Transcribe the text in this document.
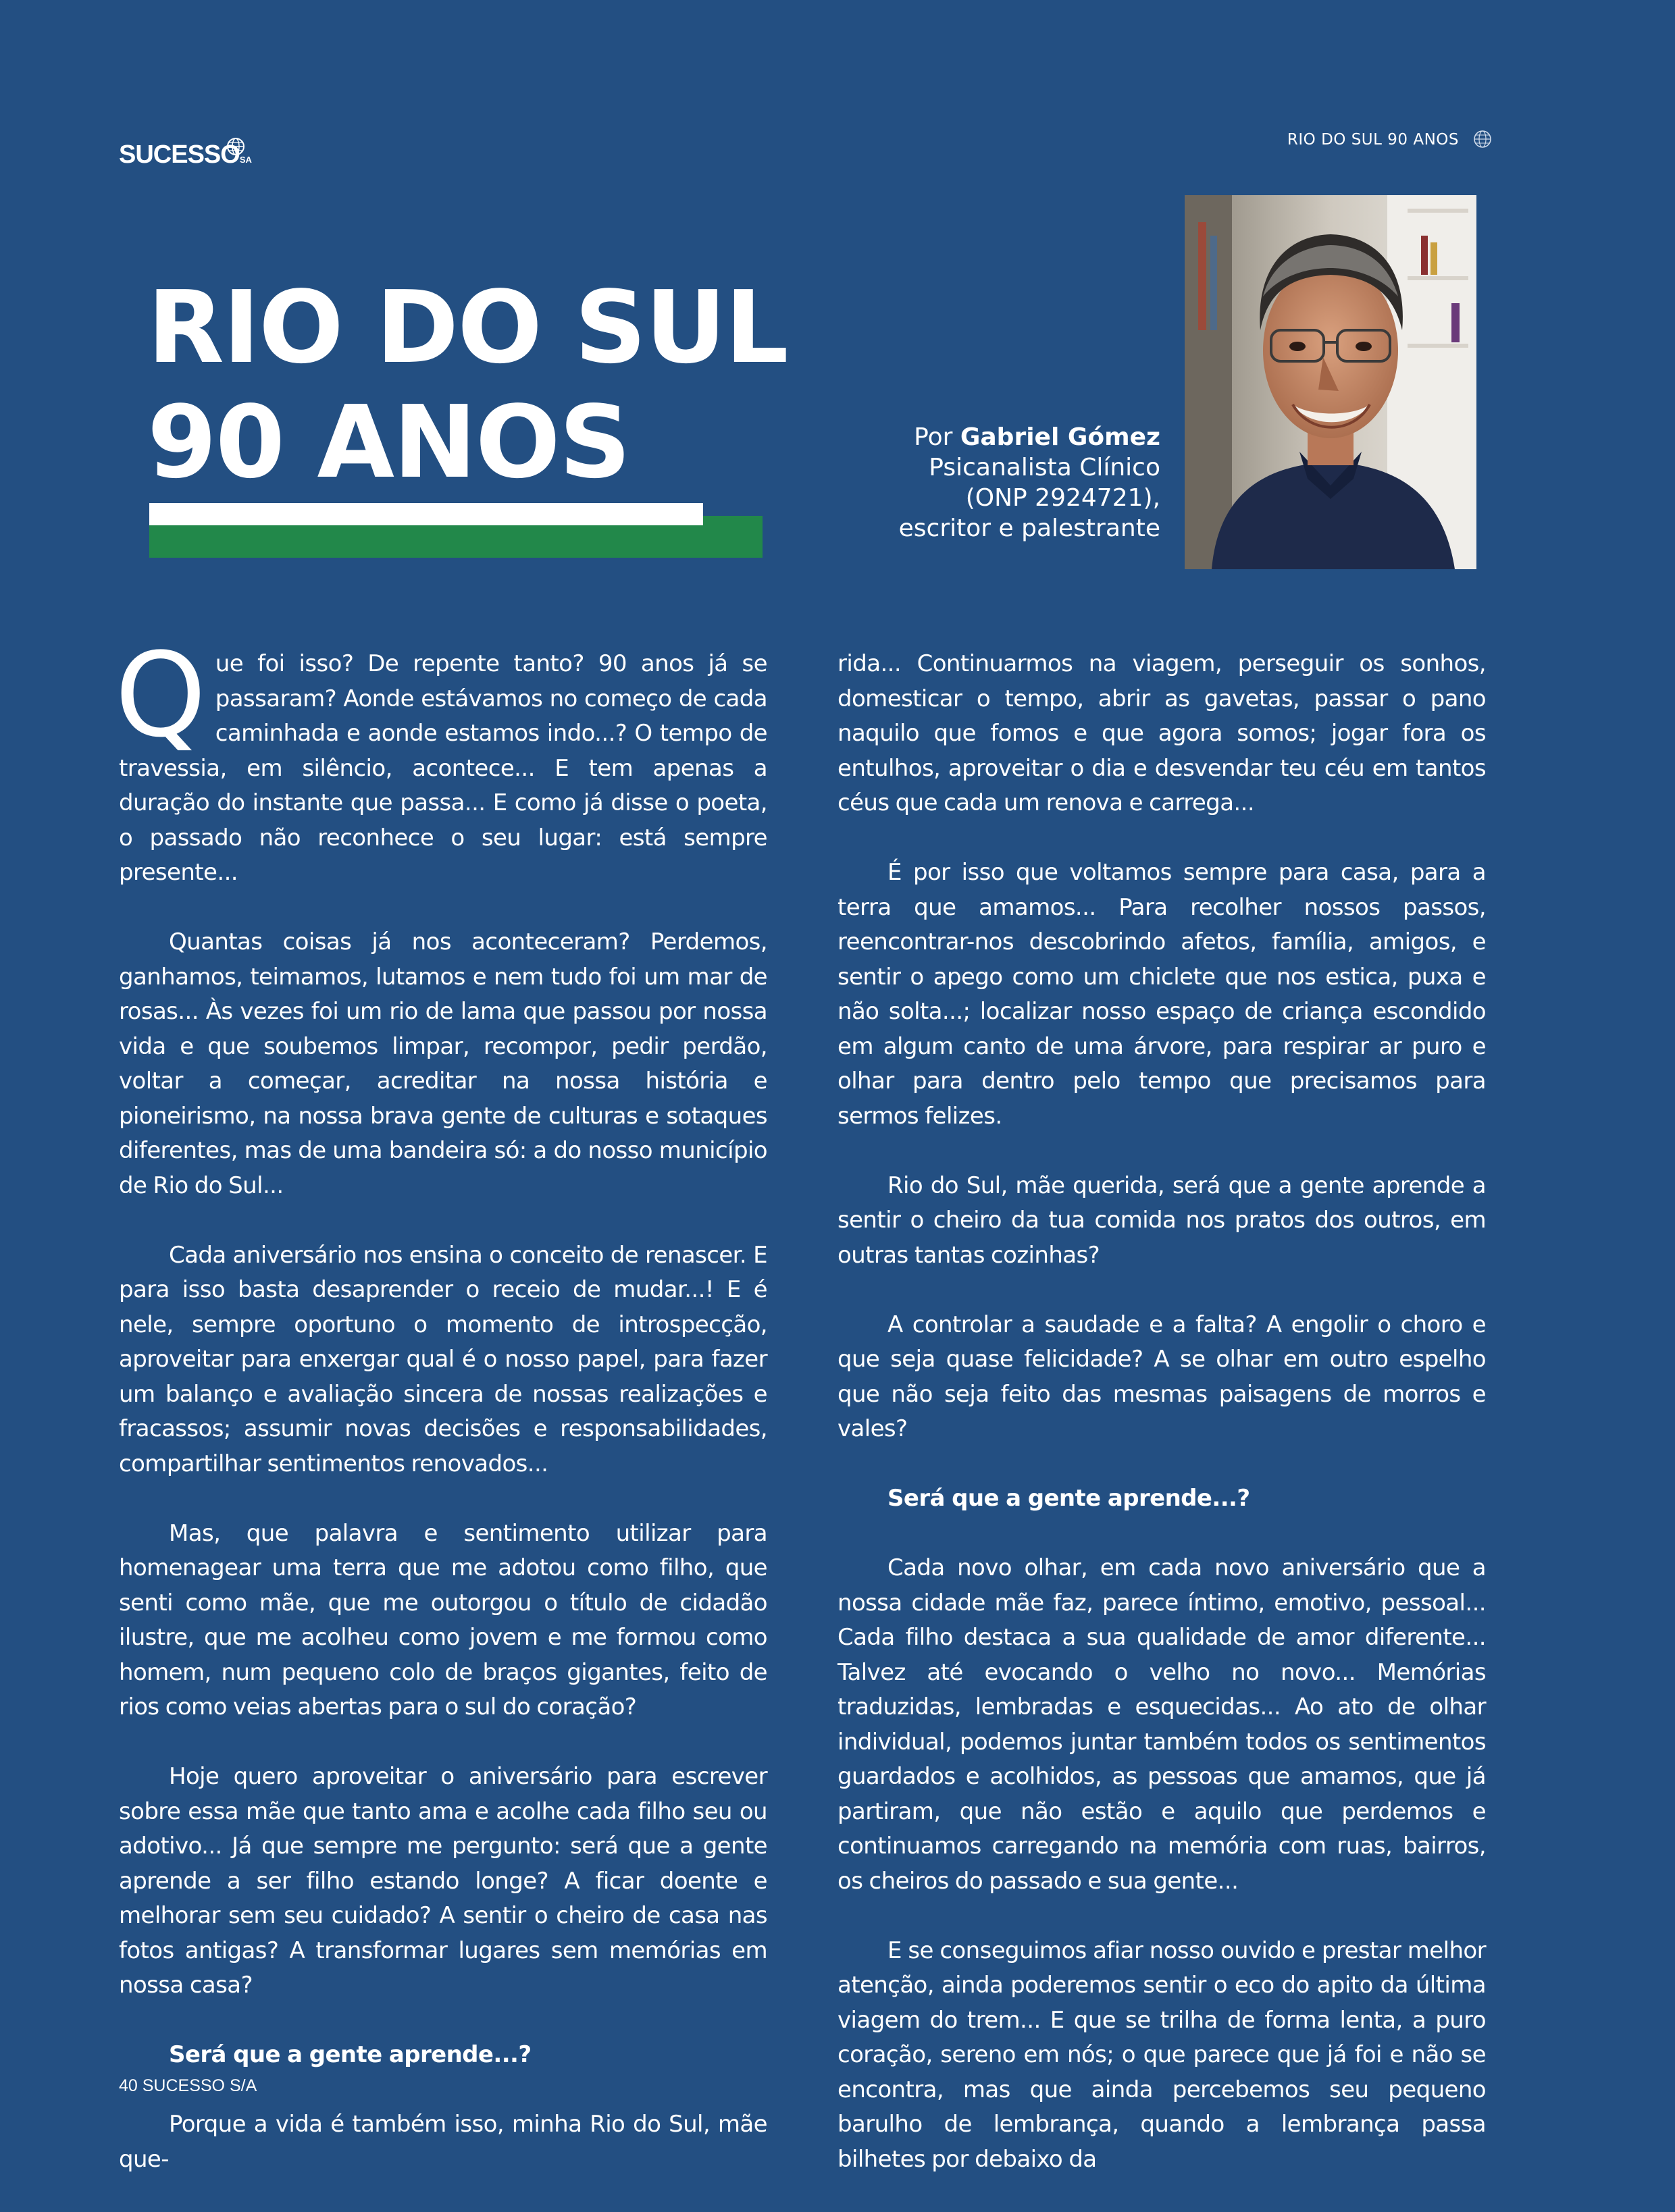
SUCESSOSA
RIO DO SUL 90 ANOS
RIO DO SUL
90 ANOS	Por Gabriel Gómez
Psicanalista Clínico
(ONP 2924721),
escritor e palestrante

Que foi isso? De repente tanto? 90 anos já se passaram? Aonde estávamos no começo de cada caminhada e aonde estamos indo...? O tempo de travessia, em silêncio, acontece... E tem apenas a duração do instante que passa... E como já disse o poeta, o passado não reconhece o seu lugar: está sempre presente...

Quantas coisas já nos aconteceram? Perdemos, ganhamos, teimamos, lutamos e nem tudo foi um mar de rosas... Às vezes foi um rio de lama que passou por nossa vida e que soubemos limpar, recompor, pedir perdão, voltar a começar, acreditar na nossa história e pioneirismo, na nossa brava gente de culturas e sotaques diferentes, mas de uma bandeira só: a do nosso município de Rio do Sul...

Cada aniversário nos ensina o conceito de renascer. E para isso basta desaprender o receio de mudar...! E é nele, sempre oportuno o momento de introspecção, aproveitar para enxergar qual é o nosso papel, para fazer um balanço e avaliação sincera de nossas realizações e fracassos; assumir novas decisões e responsabilidades, compartilhar sentimentos renovados...

Mas, que palavra e sentimento utilizar para homenagear uma terra que me adotou como filho, que senti como mãe, que me outorgou o título de cidadão ilustre, que me acolheu como jovem e me formou como homem, num pequeno colo de braços gigantes, feito de rios como veias abertas para o sul do coração?

Hoje quero aproveitar o aniversário para escrever sobre essa mãe que tanto ama e acolhe cada filho seu ou adotivo... Já que sempre me pergunto: será que a gente aprende a ser filho estando longe? A ficar doente e melhorar sem seu cuidado? A sentir o cheiro de casa nas fotos antigas? A transformar lugares sem memórias em nossa casa?

Será que a gente aprende...?

Porque a vida é também isso, minha Rio do Sul, mãe que-

rida... Continuarmos na viagem, perseguir os sonhos, domesticar o tempo, abrir as gavetas, passar o pano naquilo que fomos e que agora somos; jogar fora os entulhos, aproveitar o dia e desvendar teu céu em tantos céus que cada um renova e carrega...

É por isso que voltamos sempre para casa, para a terra que amamos... Para recolher nossos passos, reencontrar-nos descobrindo afetos, família, amigos, e sentir o apego como um chiclete que nos estica, puxa e não solta...; localizar nosso espaço de criança escondido em algum canto de uma árvore, para respirar ar puro e olhar para dentro pelo tempo que precisamos para sermos felizes.

Rio do Sul, mãe querida, será que a gente aprende a sentir o cheiro da tua comida nos pratos dos outros, em outras tantas cozinhas?

A controlar a saudade e a falta? A engolir o choro e que seja quase felicidade? A se olhar em outro espelho que não seja feito das mesmas paisagens de morros e vales?

Será que a gente aprende...?

Cada novo olhar, em cada novo aniversário que a nossa cidade mãe faz, parece íntimo, emotivo, pessoal... Cada filho destaca a sua qualidade de amor diferente... Talvez até evocando o velho no novo... Memórias traduzidas, lembradas e esquecidas... Ao ato de olhar individual, podemos juntar também todos os sentimentos guardados e acolhidos, as pessoas que amamos, que já partiram, que não estão e aquilo que perdemos e continuamos carregando na memória com ruas, bairros, os cheiros do passado e sua gente...

E se conseguimos afiar nosso ouvido e prestar melhor atenção, ainda poderemos sentir o eco do apito da última viagem do trem... E que se trilha de forma lenta, a puro coração, sereno em nós; o que parece que já foi e não se encontra, mas que ainda percebemos seu pequeno barulho de lembrança, quando a lembrança passa bilhetes por debaixo da

40 SUCESSO S/A
